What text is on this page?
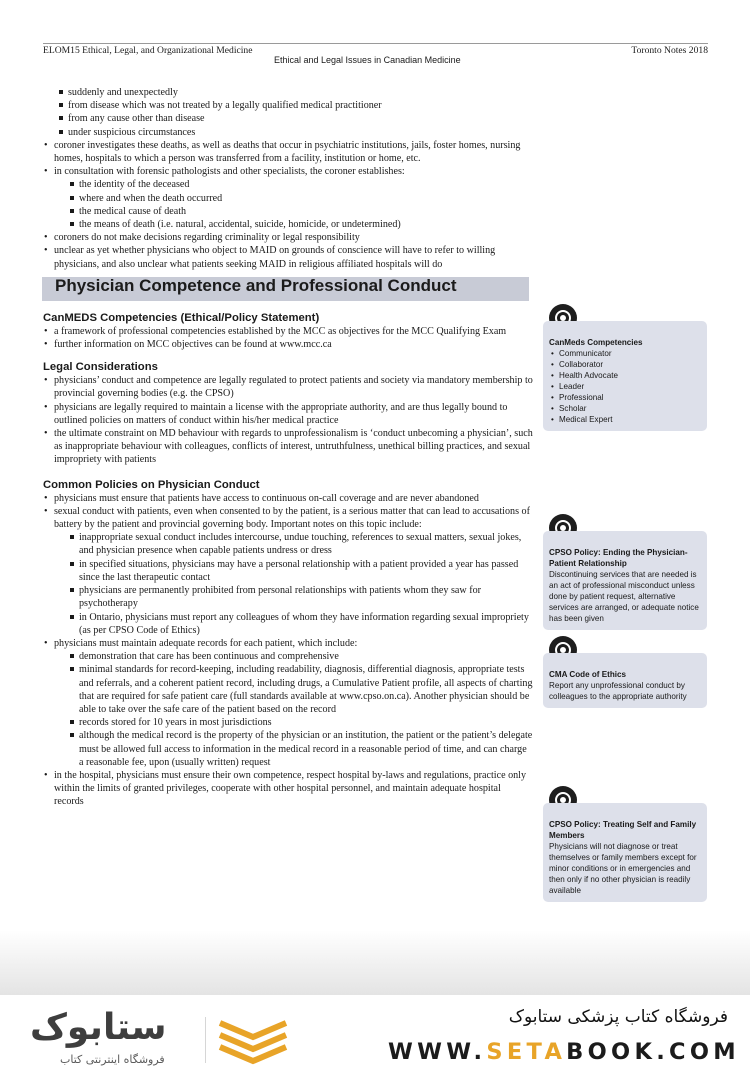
ELOM15 Ethical, Legal, and Organizational Medicine
Ethical and Legal Issues in Canadian Medicine
Toronto Notes 2018
suddenly and unexpectedly
from disease which was not treated by a legally qualified medical practitioner
from any cause other than disease
under suspicious circumstances
• coroner investigates these deaths, as well as deaths that occur in psychiatric institutions, jails, foster homes, nursing homes, hospitals to which a person was transferred from a facility, institution or home, etc.
• in consultation with forensic pathologists and other specialists, the coroner establishes:
the identity of the deceased
where and when the death occurred
the medical cause of death
the means of death (i.e. natural, accidental, suicide, homicide, or undetermined)
• coroners do not make decisions regarding criminality or legal responsibility
• unclear as yet whether physicians who object to MAID on grounds of conscience will have to refer to willing physicians, and also unclear what patients seeking MAID in religious affiliated hospitals will do
Physician Competence and Professional Conduct
CanMEDS Competencies (Ethical/Policy Statement)
• a framework of professional competencies established by the MCC as objectives for the MCC Qualifying Exam
• further information on MCC objectives can be found at www.mcc.ca
Legal Considerations
• physicians’ conduct and competence are legally regulated to protect patients and society via mandatory membership to provincial governing bodies (e.g. the CPSO)
• physicians are legally required to maintain a license with the appropriate authority, and are thus legally bound to outlined policies on matters of conduct within his/her medical practice
• the ultimate constraint on MD behaviour with regards to unprofessionalism is ‘conduct unbecoming a physician’, such as inappropriate behaviour with colleagues, conflicts of interest, untruthfulness, unethical billing practices, and sexual impropriety with patients
Common Policies on Physician Conduct
• physicians must ensure that patients have access to continuous on-call coverage and are never abandoned
• sexual conduct with patients, even when consented to by the patient, is a serious matter that can lead to accusations of battery by the patient and provincial governing body. Important notes on this topic include:
inappropriate sexual conduct includes intercourse, undue touching, references to sexual matters, sexual jokes, and physician presence when capable patients undress or dress
in specified situations, physicians may have a personal relationship with a patient provided a year has passed since the last therapeutic contact
physicians are permanently prohibited from personal relationships with patients whom they saw for psychotherapy
in Ontario, physicians must report any colleagues of whom they have information regarding sexual impropriety (as per CPSO Code of Ethics)
• physicians must maintain adequate records for each patient, which include:
demonstration that care has been continuous and comprehensive
minimal standards for record-keeping, including readability, diagnosis, differential diagnosis, appropriate tests and referrals, and a coherent patient record, including drugs, a Cumulative Patient profile, all aspects of charting that are required for safe patient care (full standards available at www.cpso.on.ca). Another physician should be able to take over the safe care of the patient based on the record
records stored for 10 years in most jurisdictions
although the medical record is the property of the physician or an institution, the patient or the patient’s delegate must be allowed full access to information in the medical record in a reasonable period of time, and can charge a reasonable fee, upon (usually written) request
• in the hospital, physicians must ensure their own competence, respect hospital by-laws and regulations, practice only within the limits of granted privileges, cooperate with other hospital personnel, and maintain adequate hospital records
CanMeds Competencies
• Communicator
• Collaborator
• Health Advocate
• Leader
• Professional
• Scholar
• Medical Expert
CPSO Policy: Ending the Physician-Patient Relationship
Discontinuing services that are needed is an act of professional misconduct unless done by patient request, alternative services are arranged, or adequate notice has been given
CMA Code of Ethics
Report any unprofessional conduct by colleagues to the appropriate authority
CPSO Policy: Treating Self and Family Members
Physicians will not diagnose or treat themselves or family members except for minor conditions or in emergencies and then only if no other physician is readily available
فروشگاه کتاب پزشکی ستابوک
WWW.SETABOOK.COM
ستابوک
فروشگاه اینترنتی کتاب
